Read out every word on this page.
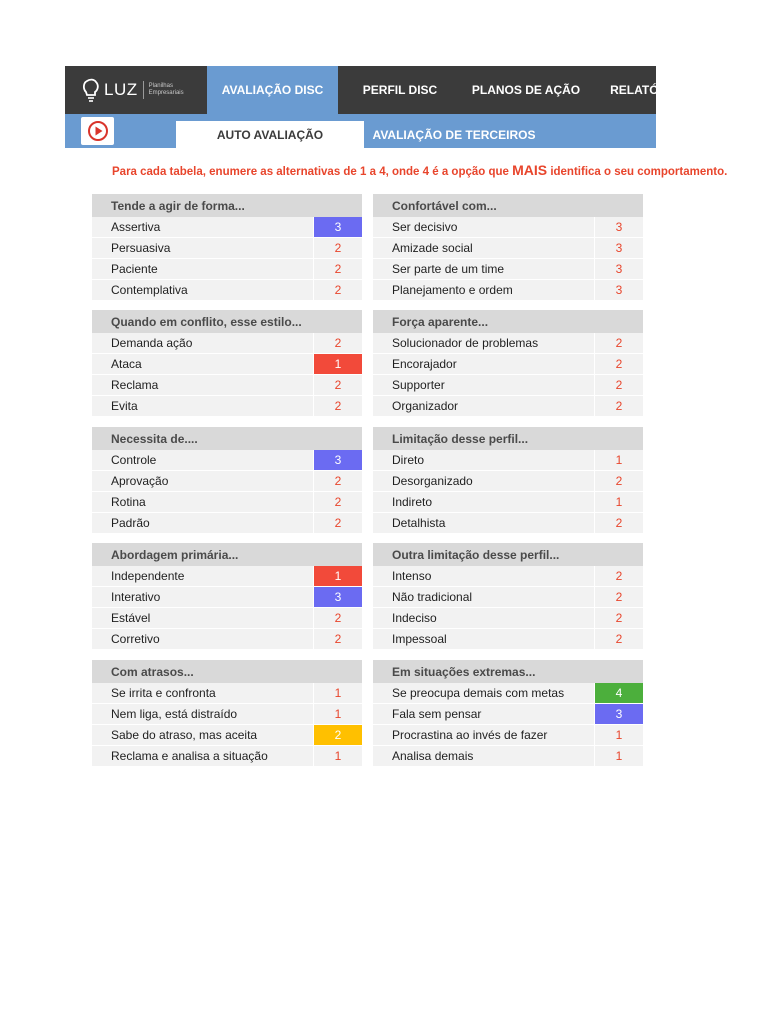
LUZ Planilhas
Empresariais	AVALIAÇÃO DISC	PERFIL DISC	PLANOS DE AÇÃO	RELATÓRIO
AUTO AVALIAÇÃO	AVALIAÇÃO DE TERCEIROS
Para cada tabela, enumere as alternativas de 1 a 4, onde 4 é a opção que MAIS identifica o seu comportamento.
Tende a agir de forma...
Assertiva	3
Persuasiva	2
Paciente	2
Contemplativa	2
Confortável com...
Ser decisivo	3
Amizade social	3
Ser parte de um time	3
Planejamento e ordem	3
Quando em conflito, esse estilo...
Demanda ação	2
Ataca	1
Reclama	2
Evita	2
Força aparente...
Solucionador de problemas	2
Encorajador	2
Supporter	2
Organizador	2
Necessita de....
Controle	3
Aprovação	2
Rotina	2
Padrão	2
Limitação desse perfil...
Direto	1
Desorganizado	2
Indireto	1
Detalhista	2
Abordagem primária...
Independente	1
Interativo	3
Estável	2
Corretivo	2
Outra limitação desse perfil...
Intenso	2
Não tradicional	2
Indeciso	2
Impessoal	2
Com atrasos...
Se irrita e confronta	1
Nem liga, está distraído	1
Sabe do atraso, mas aceita	2
Reclama e analisa a situação	1
Em situações extremas...
Se preocupa demais com metas	4
Fala sem pensar	3
Procrastina ao invés de fazer	1
Analisa demais	1
